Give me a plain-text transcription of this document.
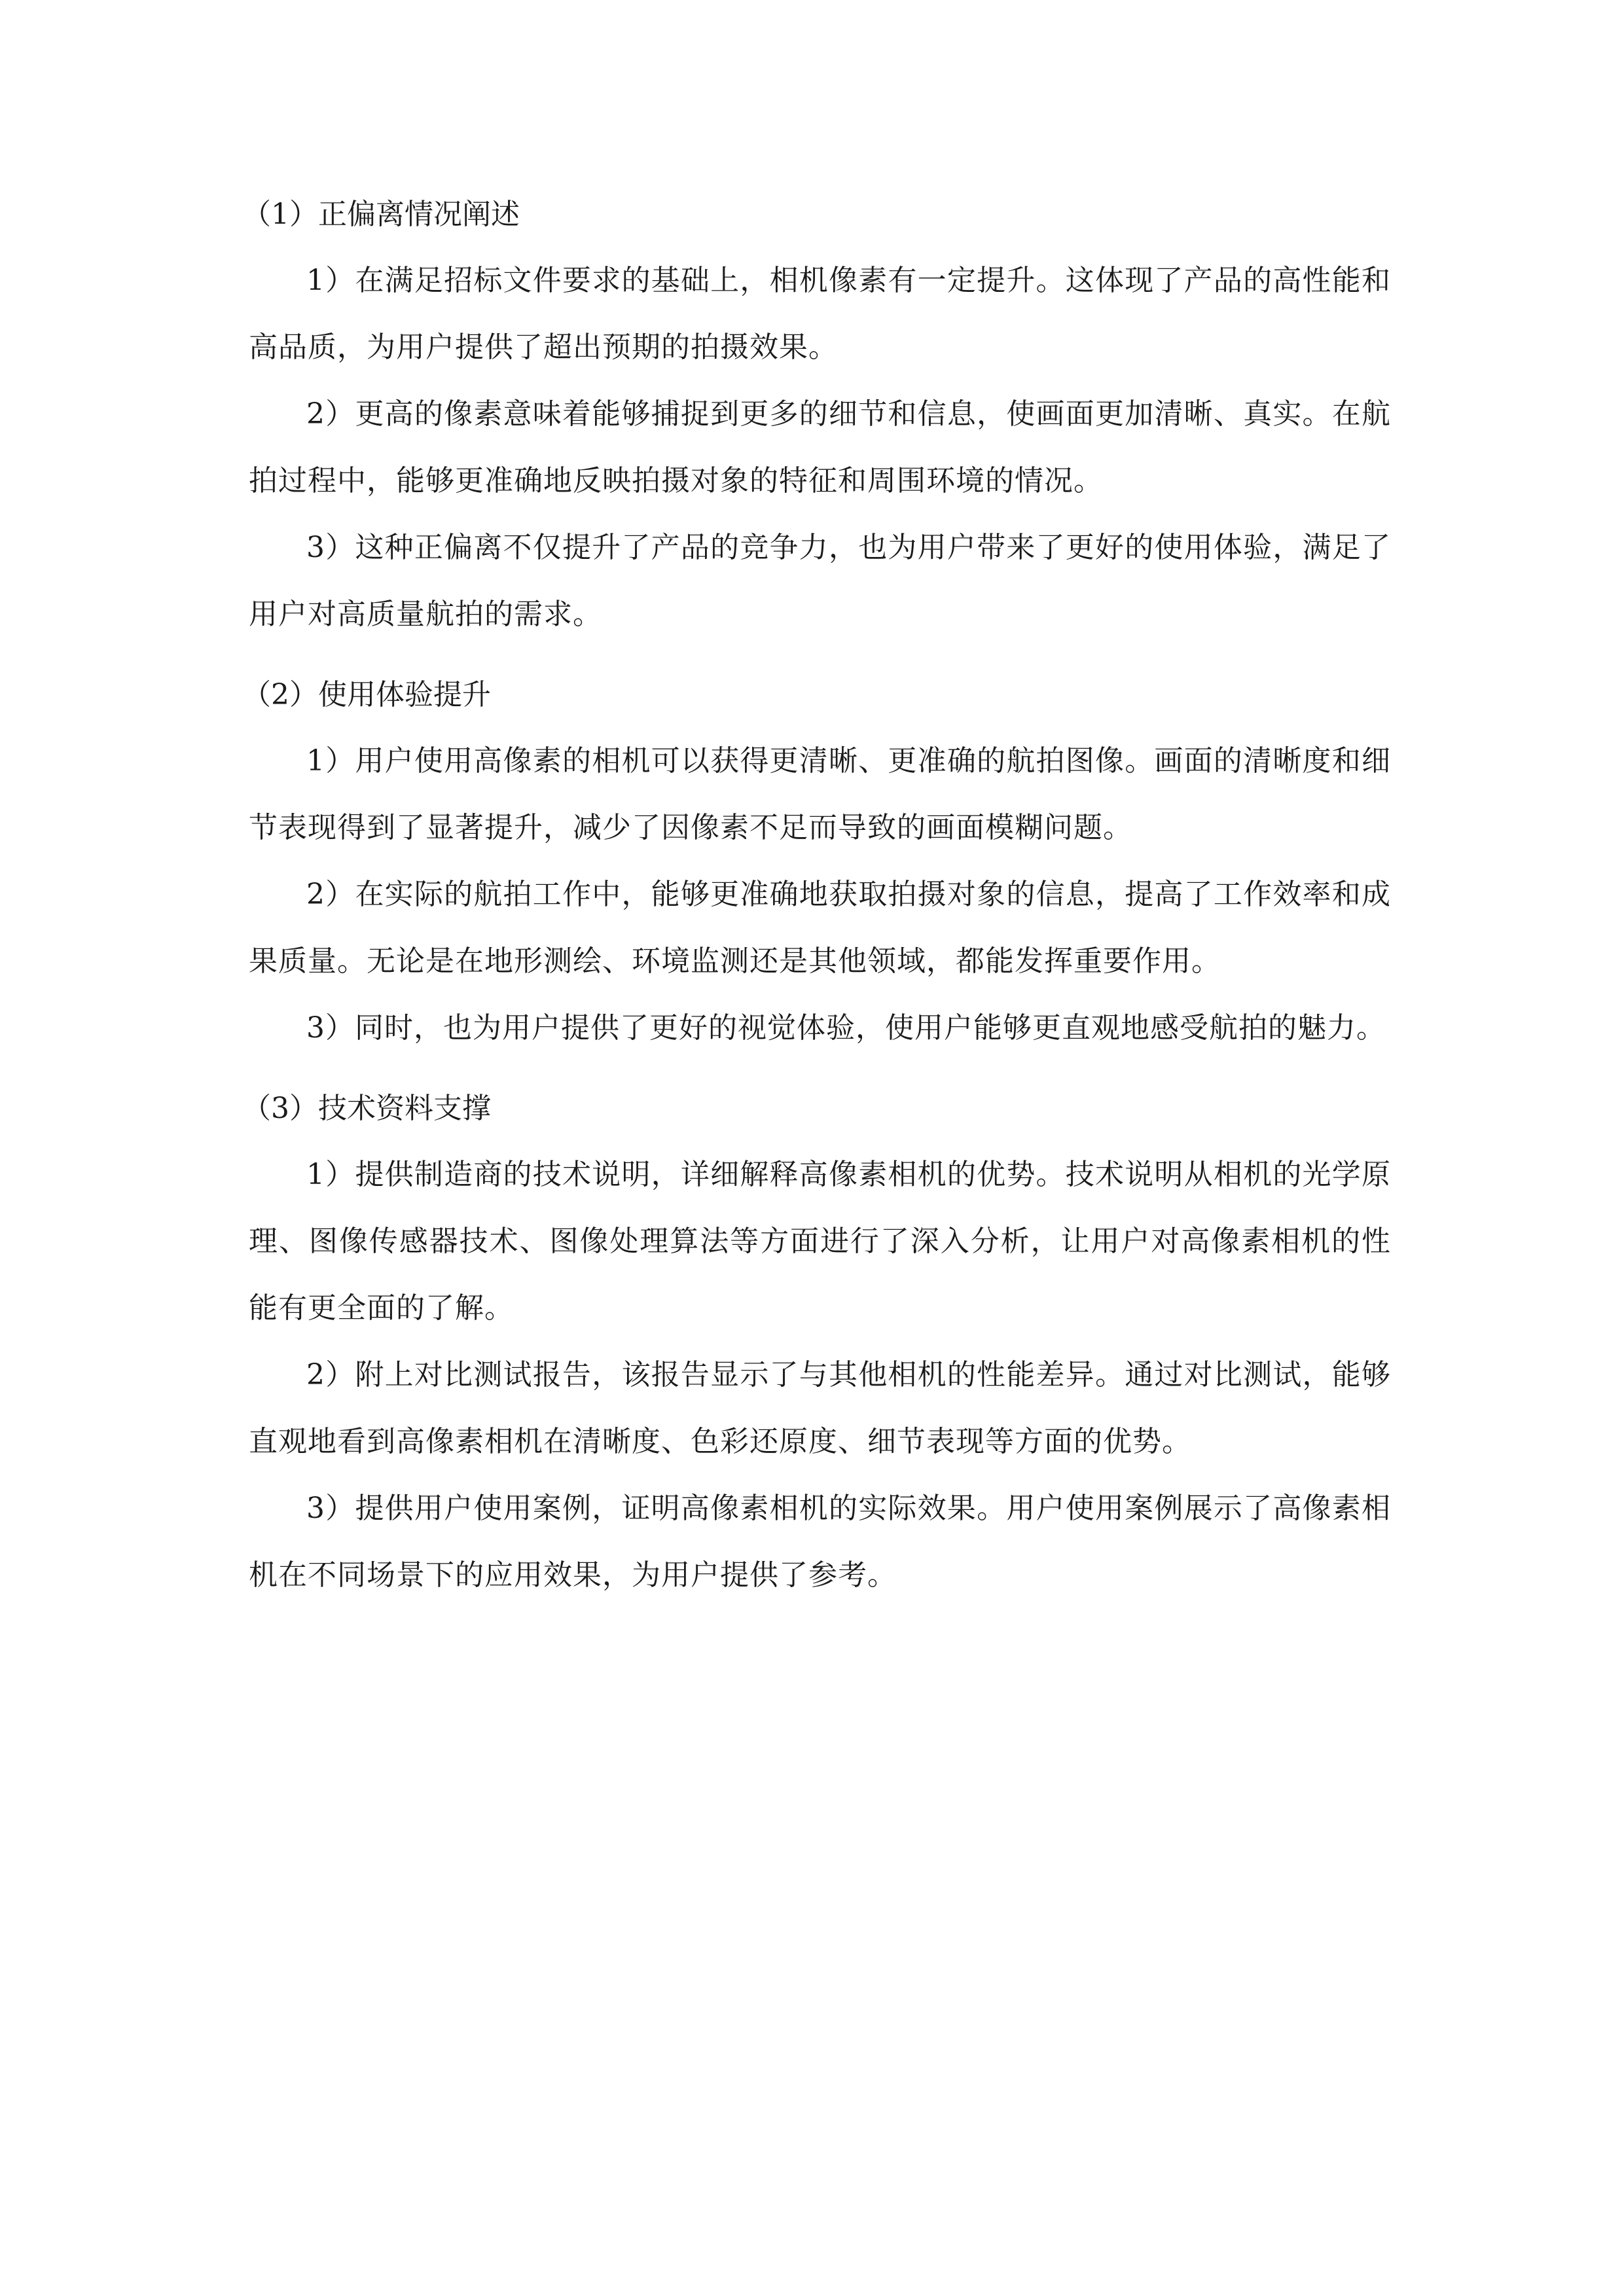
（1）正偏离情况阐述

1）在满足招标文件要求的基础上，相机像素有一定提升。这体现了产品的高性能和高品质，为用户提供了超出预期的拍摄效果。

2）更高的像素意味着能够捕捉到更多的细节和信息，使画面更加清晰、真实。在航拍过程中，能够更准确地反映拍摄对象的特征和周围环境的情况。

3）这种正偏离不仅提升了产品的竞争力，也为用户带来了更好的使用体验，满足了用户对高质量航拍的需求。

（2）使用体验提升

1）用户使用高像素的相机可以获得更清晰、更准确的航拍图像。画面的清晰度和细节表现得到了显著提升，减少了因像素不足而导致的画面模糊问题。

2）在实际的航拍工作中，能够更准确地获取拍摄对象的信息，提高了工作效率和成果质量。无论是在地形测绘、环境监测还是其他领域，都能发挥重要作用。

3）同时，也为用户提供了更好的视觉体验，使用户能够更直观地感受航拍的魅力。

（3）技术资料支撑

1）提供制造商的技术说明，详细解释高像素相机的优势。技术说明从相机的光学原理、图像传感器技术、图像处理算法等方面进行了深入分析，让用户对高像素相机的性能有更全面的了解。

2）附上对比测试报告，该报告显示了与其他相机的性能差异。通过对比测试，能够直观地看到高像素相机在清晰度、色彩还原度、细节表现等方面的优势。

3）提供用户使用案例，证明高像素相机的实际效果。用户使用案例展示了高像素相机在不同场景下的应用效果，为用户提供了参考。
